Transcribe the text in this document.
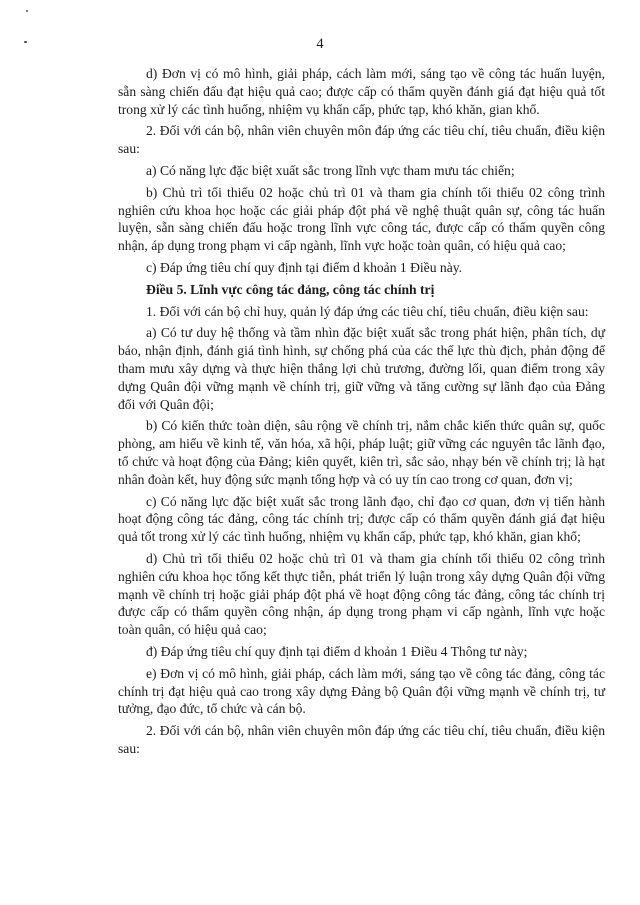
4

d) Đơn vị có mô hình, giải pháp, cách làm mới, sáng tạo về công tác huấn luyện, sẵn sàng chiến đấu đạt hiệu quả cao; được cấp có thẩm quyền đánh giá đạt hiệu quả tốt trong xử lý các tình huống, nhiệm vụ khẩn cấp, phức tạp, khó khăn, gian khổ.

2. Đối với cán bộ, nhân viên chuyên môn đáp ứng các tiêu chí, tiêu chuẩn, điều kiện sau:

a) Có năng lực đặc biệt xuất sắc trong lĩnh vực tham mưu tác chiến;

b) Chủ trì tối thiểu 02 hoặc chủ trì 01 và tham gia chính tối thiểu 02 công trình nghiên cứu khoa học hoặc các giải pháp đột phá về nghệ thuật quân sự, công tác huấn luyện, sẵn sàng chiến đấu hoặc trong lĩnh vực công tác, được cấp có thẩm quyền công nhận, áp dụng trong phạm vi cấp ngành, lĩnh vực hoặc toàn quân, có hiệu quả cao;

c) Đáp ứng tiêu chí quy định tại điểm d khoản 1 Điều này.

Điều 5. Lĩnh vực công tác đảng, công tác chính trị

1. Đối với cán bộ chỉ huy, quản lý đáp ứng các tiêu chí, tiêu chuẩn, điều kiện sau:

a) Có tư duy hệ thống và tầm nhìn đặc biệt xuất sắc trong phát hiện, phân tích, dự báo, nhận định, đánh giá tình hình, sự chống phá của các thế lực thù địch, phản động để tham mưu xây dựng và thực hiện thắng lợi chủ trương, đường lối, quan điểm trong xây dựng Quân đội vững mạnh về chính trị, giữ vững và tăng cường sự lãnh đạo của Đảng đối với Quân đội;

b) Có kiến thức toàn diện, sâu rộng về chính trị, nắm chắc kiến thức quân sự, quốc phòng, am hiểu về kinh tế, văn hóa, xã hội, pháp luật; giữ vững các nguyên tắc lãnh đạo, tổ chức và hoạt động của Đảng; kiên quyết, kiên trì, sắc sảo, nhạy bén về chính trị; là hạt nhân đoàn kết, huy động sức mạnh tổng hợp và có uy tín cao trong cơ quan, đơn vị;

c) Có năng lực đặc biệt xuất sắc trong lãnh đạo, chỉ đạo cơ quan, đơn vị tiến hành hoạt động công tác đảng, công tác chính trị; được cấp có thẩm quyền đánh giá đạt hiệu quả tốt trong xử lý các tình huống, nhiệm vụ khẩn cấp, phức tạp, khó khăn, gian khổ;

d) Chủ trì tối thiểu 02 hoặc chủ trì 01 và tham gia chính tối thiểu 02 công trình nghiên cứu khoa học tổng kết thực tiễn, phát triển lý luận trong xây dựng Quân đội vững mạnh về chính trị hoặc giải pháp đột phá về hoạt động công tác đảng, công tác chính trị được cấp có thẩm quyền công nhận, áp dụng trong phạm vi cấp ngành, lĩnh vực hoặc toàn quân, có hiệu quả cao;

đ) Đáp ứng tiêu chí quy định tại điểm d khoản 1 Điều 4 Thông tư này;

e) Đơn vị có mô hình, giải pháp, cách làm mới, sáng tạo về công tác đảng, công tác chính trị đạt hiệu quả cao trong xây dựng Đảng bộ Quân đội vững mạnh về chính trị, tư tưởng, đạo đức, tổ chức và cán bộ.

2. Đối với cán bộ, nhân viên chuyên môn đáp ứng các tiêu chí, tiêu chuẩn, điều kiện sau:
